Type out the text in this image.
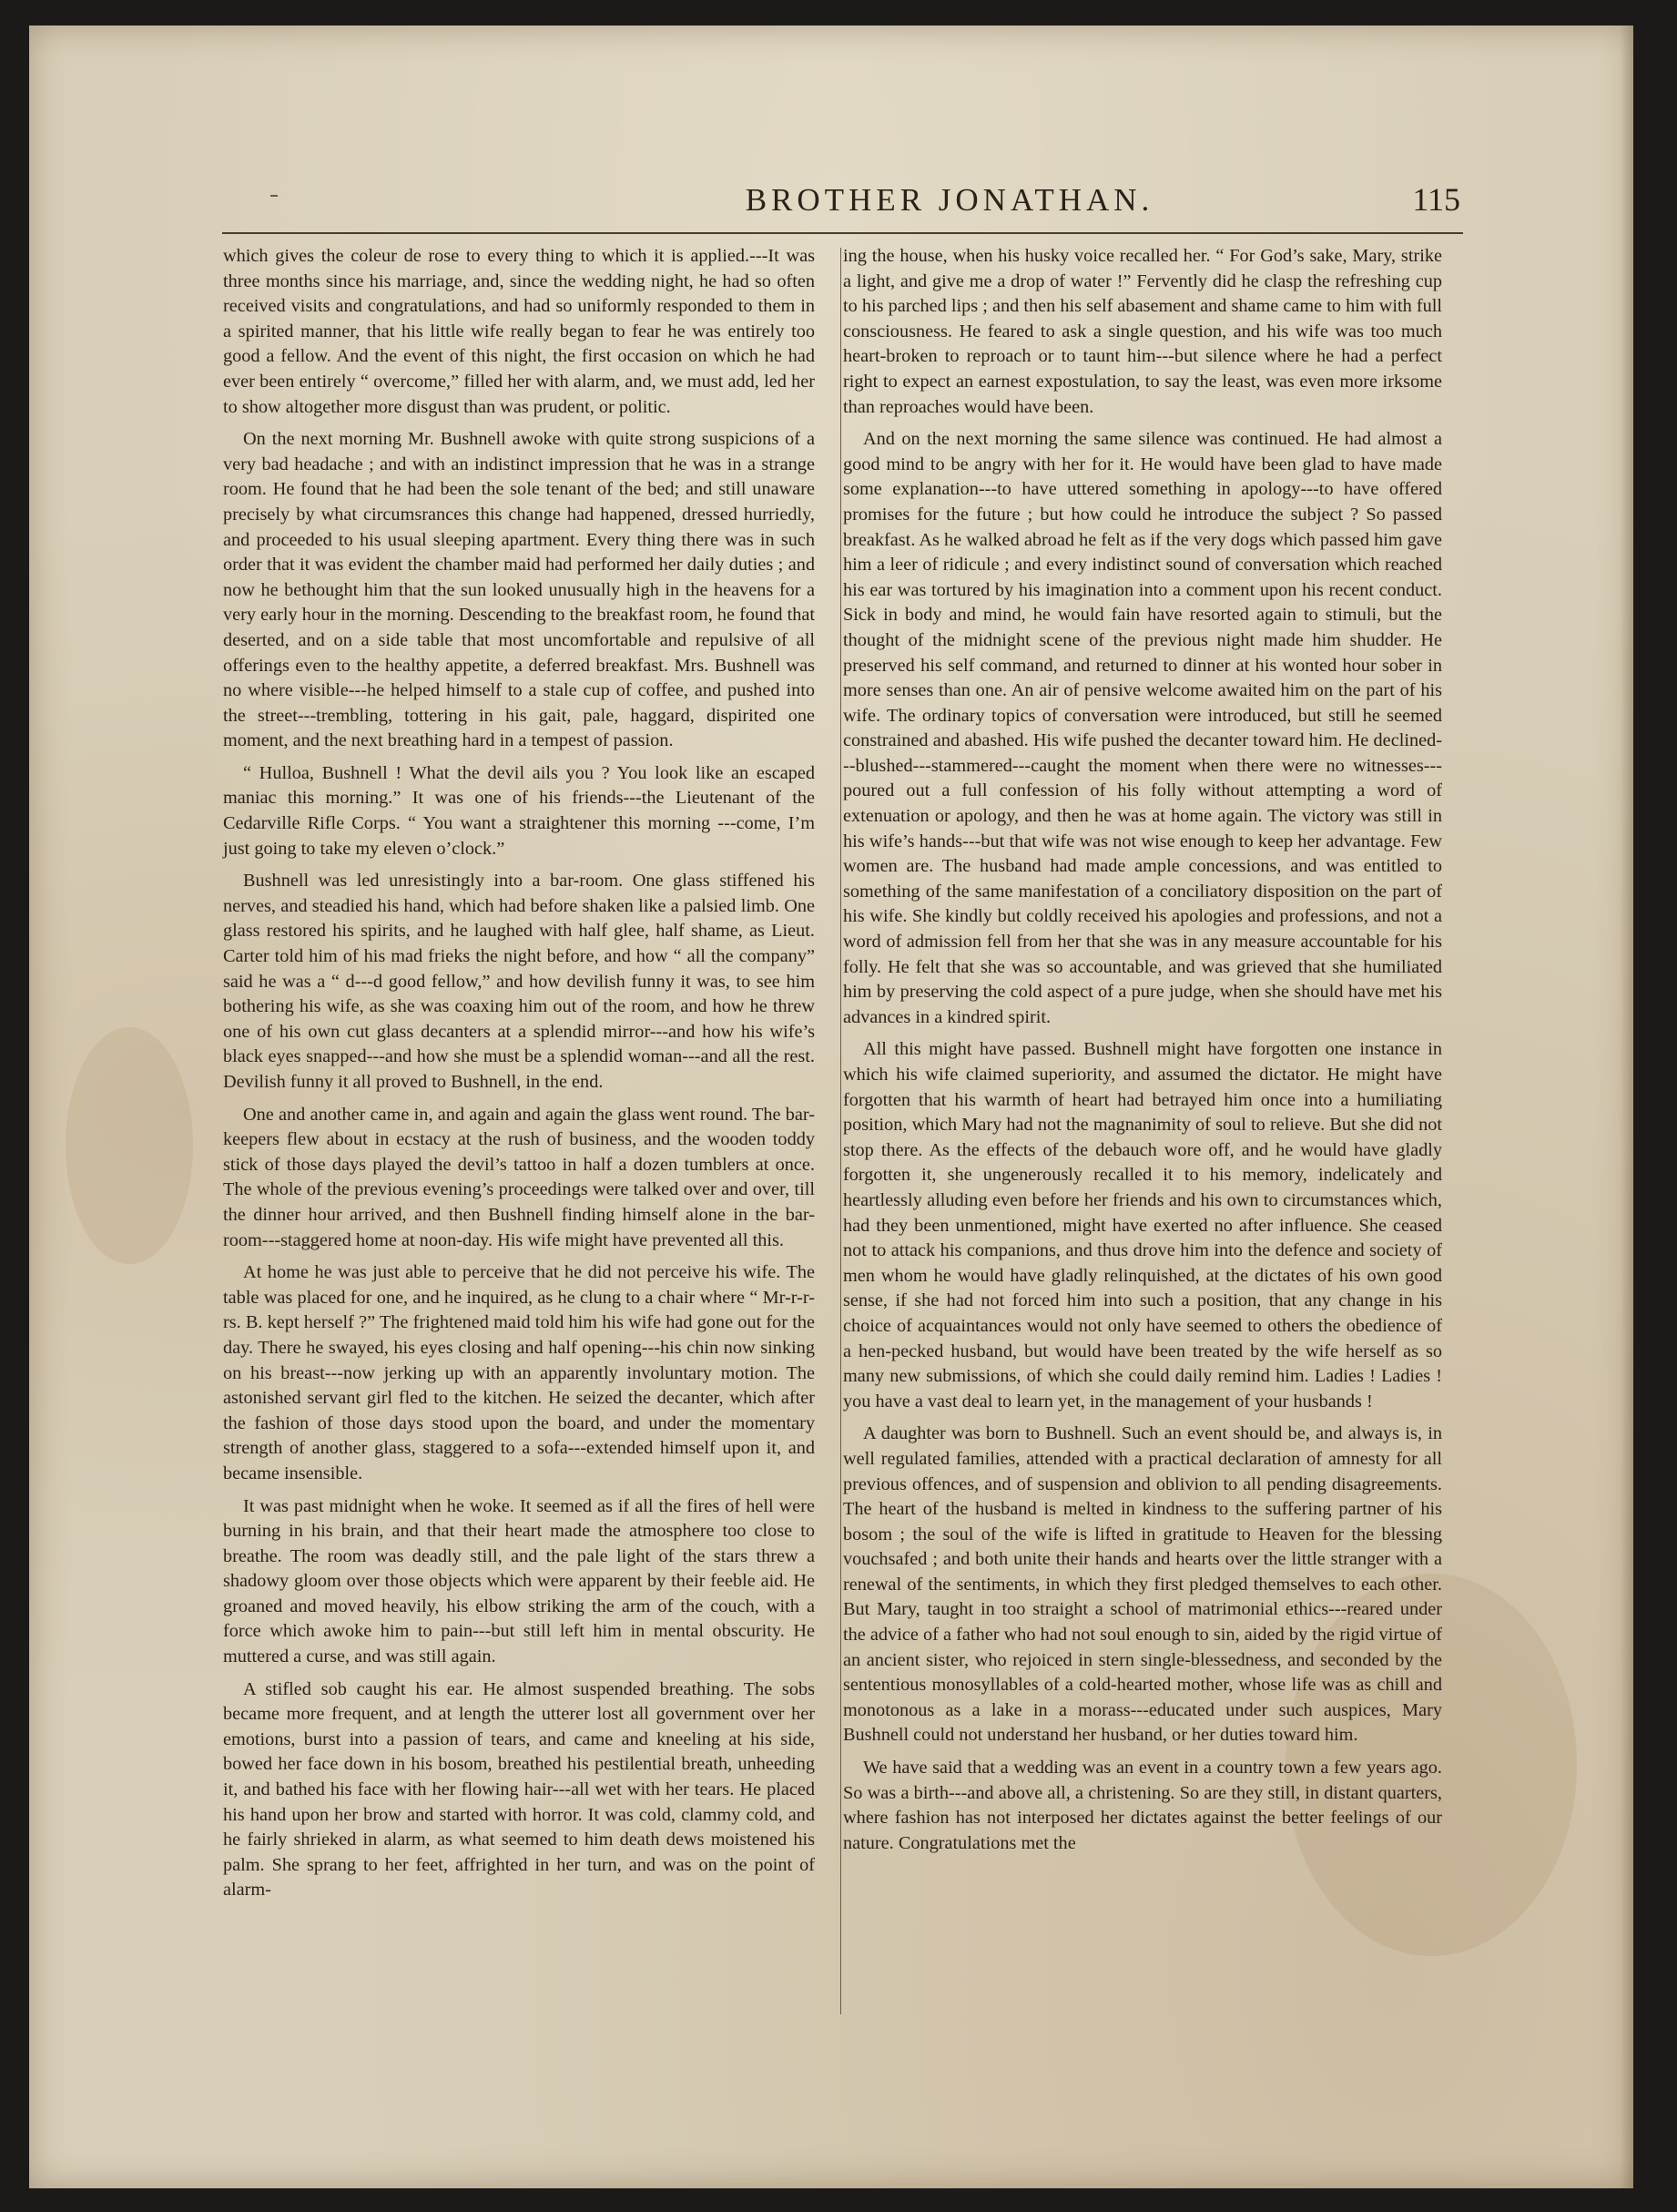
BROTHER JONATHAN.	115

which gives the coleur de rose to every thing to which it is applied.---It was three months since his marriage, and, since the wedding night, he had so often received visits and congratulations, and had so uniformly responded to them in a spirited manner, that his little wife really began to fear he was entirely too good a fellow. And the event of this night, the first occasion on which he had ever been entirely “ overcome,” filled her with alarm, and, we must add, led her to show altogether more disgust than was prudent, or politic.

On the next morning Mr. Bushnell awoke with quite strong suspicions of a very bad headache ; and with an indistinct impression that he was in a strange room. He found that he had been the sole tenant of the bed; and still unaware precisely by what circumsrances this change had happened, dressed hurriedly, and proceeded to his usual sleeping apartment. Every thing there was in such order that it was evident the chamber maid had performed her daily duties ; and now he bethought him that the sun looked unusually high in the heavens for a very early hour in the morning. Descending to the breakfast room, he found that deserted, and on a side table that most uncomfortable and repulsive of all offerings even to the healthy appetite, a deferred breakfast. Mrs. Bushnell was no where visible---he helped himself to a stale cup of coffee, and pushed into the street---trembling, tottering in his gait, pale, haggard, dispirited one moment, and the next breathing hard in a tempest of passion.

“ Hulloa, Bushnell ! What the devil ails you ? You look like an escaped maniac this morning.” It was one of his friends---the Lieutenant of the Cedarville Rifle Corps. “ You want a straightener this morning ---come, I’m just going to take my eleven o’clock.”

Bushnell was led unresistingly into a bar-room. One glass stiffened his nerves, and steadied his hand, which had before shaken like a palsied limb. One glass restored his spirits, and he laughed with half glee, half shame, as Lieut. Carter told him of his mad frieks the night before, and how “ all the company” said he was a “ d---d good fellow,” and how devilish funny it was, to see him bothering his wife, as she was coaxing him out of the room, and how he threw one of his own cut glass decanters at a splendid mirror---and how his wife’s black eyes snapped---and how she must be a splendid woman---and all the rest. Devilish funny it all proved to Bushnell, in the end.

One and another came in, and again and again the glass went round. The bar-keepers flew about in ecstacy at the rush of business, and the wooden toddy stick of those days played the devil’s tattoo in half a dozen tumblers at once. The whole of the previous evening’s proceedings were talked over and over, till the dinner hour arrived, and then Bushnell finding himself alone in the bar-room---staggered home at noon-day. His wife might have prevented all this.

At home he was just able to perceive that he did not perceive his wife. The table was placed for one, and he inquired, as he clung to a chair where “ Mr-r-r-rs. B. kept herself ?” The frightened maid told him his wife had gone out for the day. There he swayed, his eyes closing and half opening---his chin now sinking on his breast---now jerking up with an apparently involuntary motion. The astonished servant girl fled to the kitchen. He seized the decanter, which after the fashion of those days stood upon the board, and under the momentary strength of another glass, staggered to a sofa---extended himself upon it, and became insensible.

It was past midnight when he woke. It seemed as if all the fires of hell were burning in his brain, and that their heart made the atmosphere too close to breathe. The room was deadly still, and the pale light of the stars threw a shadowy gloom over those objects which were apparent by their feeble aid. He groaned and moved heavily, his elbow striking the arm of the couch, with a force which awoke him to pain---but still left him in mental obscurity. He muttered a curse, and was still again.

A stifled sob caught his ear. He almost suspended breathing. The sobs became more frequent, and at length the utterer lost all government over her emotions, burst into a passion of tears, and came and kneeling at his side, bowed her face down in his bosom, breathed his pestilential breath, unheeding it, and bathed his face with her flowing hair---all wet with her tears. He placed his hand upon her brow and started with horror. It was cold, clammy cold, and he fairly shrieked in alarm, as what seemed to him death dews moistened his palm. She sprang to her feet, affrighted in her turn, and was on the point of alarm-

ing the house, when his husky voice recalled her. “ For God’s sake, Mary, strike a light, and give me a drop of water !” Fervently did he clasp the refreshing cup to his parched lips ; and then his self abasement and shame came to him with full consciousness. He feared to ask a single question, and his wife was too much heart-broken to reproach or to taunt him---but silence where he had a perfect right to expect an earnest expostulation, to say the least, was even more irksome than reproaches would have been.

And on the next morning the same silence was continued. He had almost a good mind to be angry with her for it. He would have been glad to have made some explanation---to have uttered something in apology---to have offered promises for the future ; but how could he introduce the subject ? So passed breakfast. As he walked abroad he felt as if the very dogs which passed him gave him a leer of ridicule ; and every indistinct sound of conversation which reached his ear was tortured by his imagination into a comment upon his recent conduct. Sick in body and mind, he would fain have resorted again to stimuli, but the thought of the midnight scene of the previous night made him shudder. He preserved his self command, and returned to dinner at his wonted hour sober in more senses than one. An air of pensive welcome awaited him on the part of his wife. The ordinary topics of conversation were introduced, but still he seemed constrained and abashed. His wife pushed the decanter toward him. He declined---blushed---stammered---caught the moment when there were no witnesses---poured out a full confession of his folly without attempting a word of extenuation or apology, and then he was at home again. The victory was still in his wife’s hands---but that wife was not wise enough to keep her advantage. Few women are. The husband had made ample concessions, and was entitled to something of the same manifestation of a conciliatory disposition on the part of his wife. She kindly but coldly received his apologies and professions, and not a word of admission fell from her that she was in any measure accountable for his folly. He felt that she was so accountable, and was grieved that she humiliated him by preserving the cold aspect of a pure judge, when she should have met his advances in a kindred spirit.

All this might have passed. Bushnell might have forgotten one instance in which his wife claimed superiority, and assumed the dictator. He might have forgotten that his warmth of heart had betrayed him once into a humiliating position, which Mary had not the magnanimity of soul to relieve. But she did not stop there. As the effects of the debauch wore off, and he would have gladly forgotten it, she ungenerously recalled it to his memory, indelicately and heartlessly alluding even before her friends and his own to circumstances which, had they been unmentioned, might have exerted no after influence. She ceased not to attack his companions, and thus drove him into the defence and society of men whom he would have gladly relinquished, at the dictates of his own good sense, if she had not forced him into such a position, that any change in his choice of acquaintances would not only have seemed to others the obedience of a hen-pecked husband, but would have been treated by the wife herself as so many new submissions, of which she could daily remind him. Ladies ! Ladies ! you have a vast deal to learn yet, in the management of your husbands !

A daughter was born to Bushnell. Such an event should be, and always is, in well regulated families, attended with a practical declaration of amnesty for all previous offences, and of suspension and oblivion to all pending disagreements. The heart of the husband is melted in kindness to the suffering partner of his bosom ; the soul of the wife is lifted in gratitude to Heaven for the blessing vouchsafed ; and both unite their hands and hearts over the little stranger with a renewal of the sentiments, in which they first pledged themselves to each other. But Mary, taught in too straight a school of matrimonial ethics---reared under the advice of a father who had not soul enough to sin, aided by the rigid virtue of an ancient sister, who rejoiced in stern single-blessedness, and seconded by the sententious monosyllables of a cold-hearted mother, whose life was as chill and monotonous as a lake in a morass---educated under such auspices, Mary Bushnell could not understand her husband, or her duties toward him.

We have said that a wedding was an event in a country town a few years ago. So was a birth---and above all, a christening. So are they still, in distant quarters, where fashion has not interposed her dictates against the better feelings of our nature. Congratulations met the
